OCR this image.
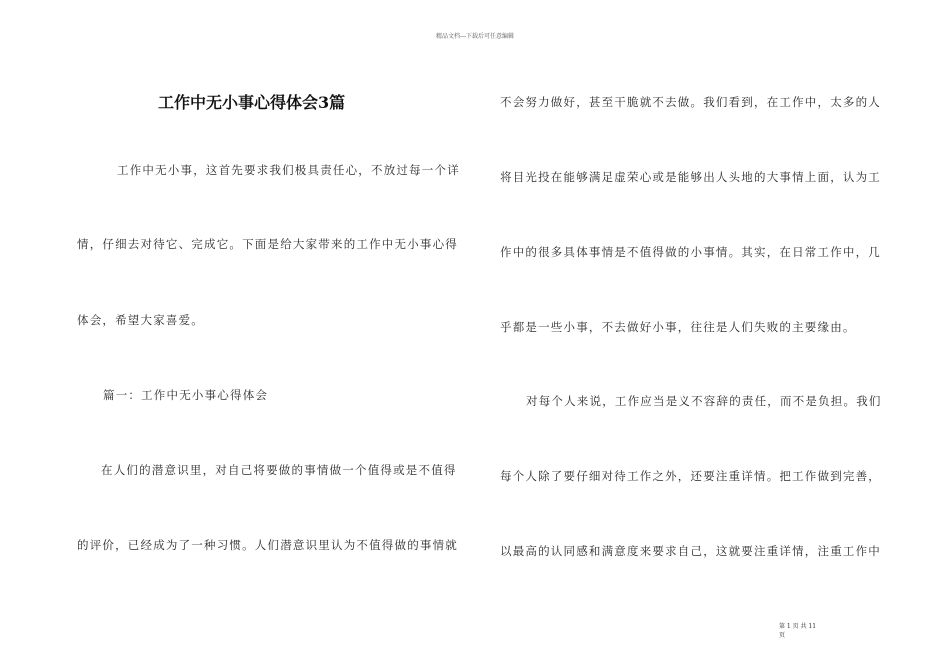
精品文档---下载后可任意编辑
工作中无小事心得体会3篇
工作中无小事，这首先要求我们极具责任心，不放过每一个详
情，仔细去对待它、完成它。下面是给大家带来的工作中无小事心得
体会，希望大家喜爱。
篇一：工作中无小事心得体会
在人们的潜意识里，对自己将要做的事情做一个值得或是不值得
的评价，已经成为了一种习惯。人们潜意识里认为不值得做的事情就
不会努力做好，甚至干脆就不去做。我们看到，在工作中，太多的人
将目光投在能够满足虚荣心或是能够出人头地的大事情上面，认为工
作中的很多具体事情是不值得做的小事情。其实，在日常工作中，几
乎都是一些小事，不去做好小事，往往是人们失败的主要缘由。
对每个人来说，工作应当是义不容辞的责任，而不是负担。我们
每个人除了要仔细对待工作之外，还要注重详情。把工作做到完善，
以最高的认同感和满意度来要求自己，这就要注重详情，注重工作中
第 1 页 共 11
页
